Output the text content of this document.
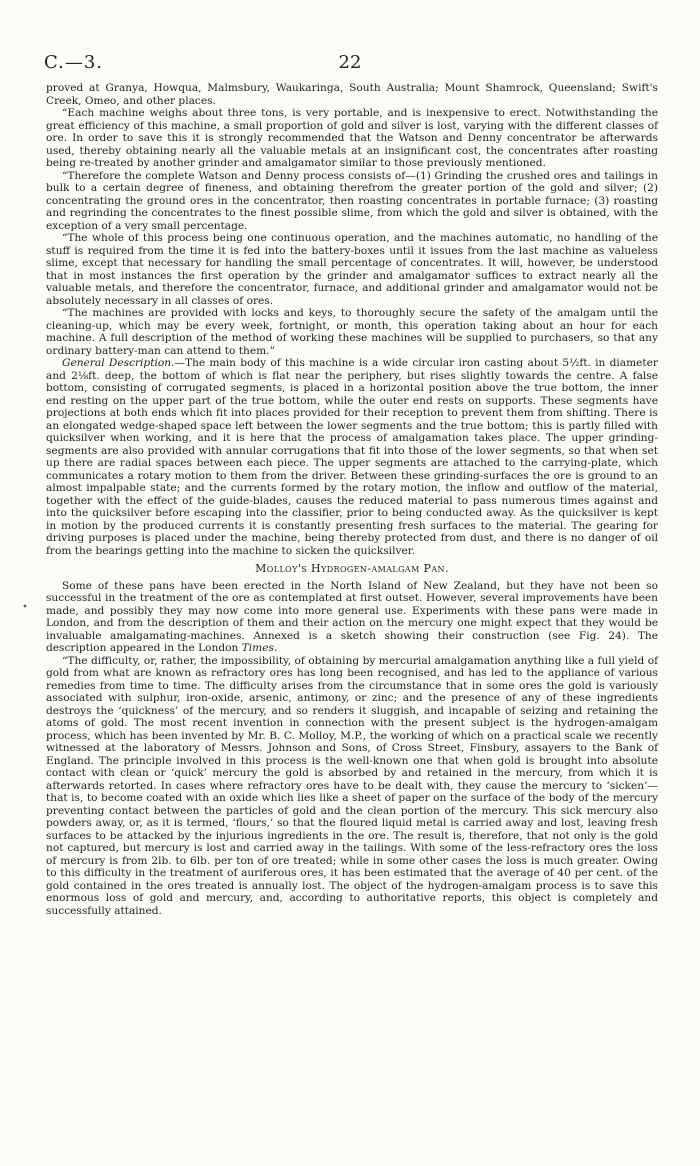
C.—3.	22
•

proved at Granya, Howqua, Malmsbury, Waukaringa, South Australia; Mount Shamrock, Queensland; Swift's Creek, Omeo, and other places.

“Each machine weighs about three tons, is very portable, and is inexpensive to erect. Notwithstanding the great efficiency of this machine, a small proportion of gold and silver is lost, varying with the different classes of ore. In order to save this it is strongly recommended that the Watson and Denny concentrator be afterwards used, thereby obtaining nearly all the valuable metals at an insignificant cost, the concentrates after roasting being re-treated by another grinder and amalgamator similar to those previously mentioned.

“Therefore the complete Watson and Denny process consists of—(1) Grinding the crushed ores and tailings in bulk to a certain degree of fineness, and obtaining therefrom the greater portion of the gold and silver; (2) concentrating the ground ores in the concentrator, then roasting concentrates in portable furnace; (3) roasting and regrinding the concentrates to the finest possible slime, from which the gold and silver is obtained, with the exception of a very small percentage.

“The whole of this process being one continuous operation, and the machines automatic, no handling of the stuff is required from the time it is fed into the battery-boxes until it issues from the last machine as valueless slime, except that necessary for handling the small percentage of concentrates. It will, however, be understood that in most instances the first operation by the grinder and amalgamator suffices to extract nearly all the valuable metals, and therefore the concentrator, furnace, and additional grinder and amalgamator would not be absolutely necessary in all classes of ores.

“The machines are provided with locks and keys, to thoroughly secure the safety of the amalgam until the cleaning-up, which may be every week, fortnight, or month, this operation taking about an hour for each machine. A full description of the method of working these machines will be supplied to purchasers, so that any ordinary battery-man can attend to them.”

General Description.—The main body of this machine is a wide circular iron casting about 5½ft. in diameter and 2⅛ft. deep, the bottom of which is flat near the periphery, but rises slightly towards the centre. A false bottom, consisting of corrugated segments, is placed in a horizontal position above the true bottom, the inner end resting on the upper part of the true bottom, while the outer end rests on supports. These segments have projections at both ends which fit into places provided for their reception to prevent them from shifting. There is an elongated wedge-shaped space left between the lower segments and the true bottom; this is partly filled with quicksilver when working, and it is here that the process of amalgamation takes place. The upper grinding-segments are also provided with annular corrugations that fit into those of the lower segments, so that when set up there are radial spaces between each piece. The upper segments are attached to the carrying-plate, which communicates a rotary motion to them from the driver. Between these grinding-surfaces the ore is ground to an almost impalpable state; and the currents formed by the rotary motion, the inflow and outflow of the material, together with the effect of the guide-blades, causes the reduced material to pass numerous times against and into the quicksilver before escaping into the classifier, prior to being conducted away. As the quicksilver is kept in motion by the produced currents it is constantly presenting fresh surfaces to the material. The gearing for driving purposes is placed under the machine, being thereby protected from dust, and there is no danger of oil from the bearings getting into the machine to sicken the quicksilver.

Molloy's Hydrogen-amalgam Pan.

Some of these pans have been erected in the North Island of New Zealand, but they have not been so successful in the treatment of the ore as contemplated at first outset. However, several improvements have been made, and possibly they may now come into more general use. Experiments with these pans were made in London, and from the description of them and their action on the mercury one might expect that they would be invaluable amalgamating-machines. Annexed is a sketch showing their construction (see Fig. 24). The description appeared in the London Times.

“The difficulty, or, rather, the impossibility, of obtaining by mercurial amalgamation anything like a full yield of gold from what are known as refractory ores has long been recognised, and has led to the appliance of various remedies from time to time. The difficulty arises from the circumstance that in some ores the gold is variously associated with sulphur, iron-oxide, arsenic, antimony, or zinc; and the presence of any of these ingredients destroys the ‘quickness’ of the mercury, and so renders it sluggish, and incapable of seizing and retaining the atoms of gold. The most recent invention in connection with the present subject is the hydrogen-amalgam process, which has been invented by Mr. B. C. Molloy, M.P., the working of which on a practical scale we recently witnessed at the laboratory of Messrs. Johnson and Sons, of Cross Street, Finsbury, assayers to the Bank of England. The principle involved in this process is the well-known one that when gold is brought into absolute contact with clean or ‘quick’ mercury the gold is absorbed by and retained in the mercury, from which it is afterwards retorted. In cases where refractory ores have to be dealt with, they cause the mercury to ‘sicken’—that is, to become coated with an oxide which lies like a sheet of paper on the surface of the body of the mercury preventing contact between the particles of gold and the clean portion of the mercury. This sick mercury also powders away, or, as it is termed, ‘flours,’ so that the floured liquid metal is carried away and lost, leaving fresh surfaces to be attacked by the injurious ingredients in the ore. The result is, therefore, that not only is the gold not captured, but mercury is lost and carried away in the tailings. With some of the less-refractory ores the loss of mercury is from 2lb. to 6lb. per ton of ore treated; while in some other cases the loss is much greater. Owing to this difficulty in the treatment of auriferous ores, it has been estimated that the average of 40 per cent. of the gold contained in the ores treated is annually lost. The object of the hydrogen-amalgam process is to save this enormous loss of gold and mercury, and, according to authoritative reports, this object is completely and successfully attained.
